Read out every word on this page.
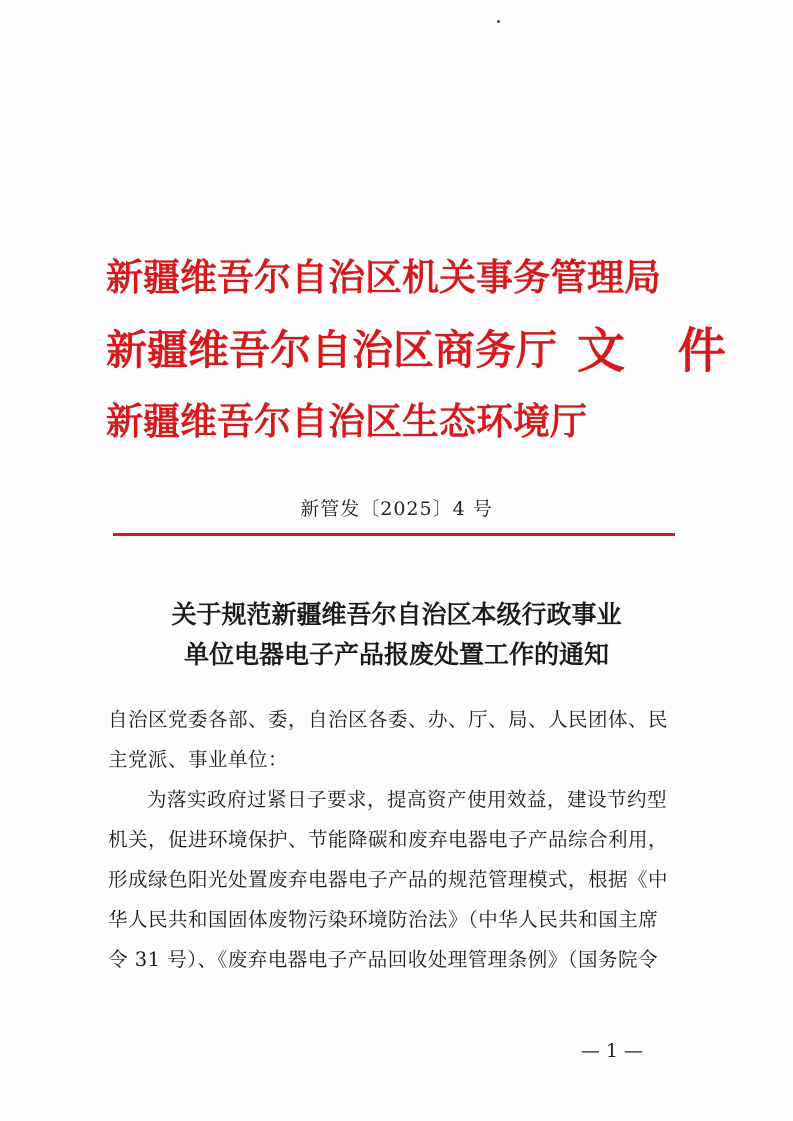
新疆维吾尔自治区机关事务管理局
新疆维吾尔自治区商务厅 文 件
新疆维吾尔自治区生态环境厅
新管发〔2025〕4 号
关于规范新疆维吾尔自治区本级行政事业
单位电器电子产品报废处置工作的通知
自治区党委各部、委，自治区各委、办、厅、局、人民团体、民
主党派、事业单位：
为落实政府过紧日子要求，提高资产使用效益，建设节约型
机关，促进环境保护、节能降碳和废弃电器电子产品综合利用，
形成绿色阳光处置废弃电器电子产品的规范管理模式，根据《中
华人民共和国固体废物污染环境防治法》（中华人民共和国主席
令 31 号）、《废弃电器电子产品回收处理管理条例》（国务院令
— 1 —
